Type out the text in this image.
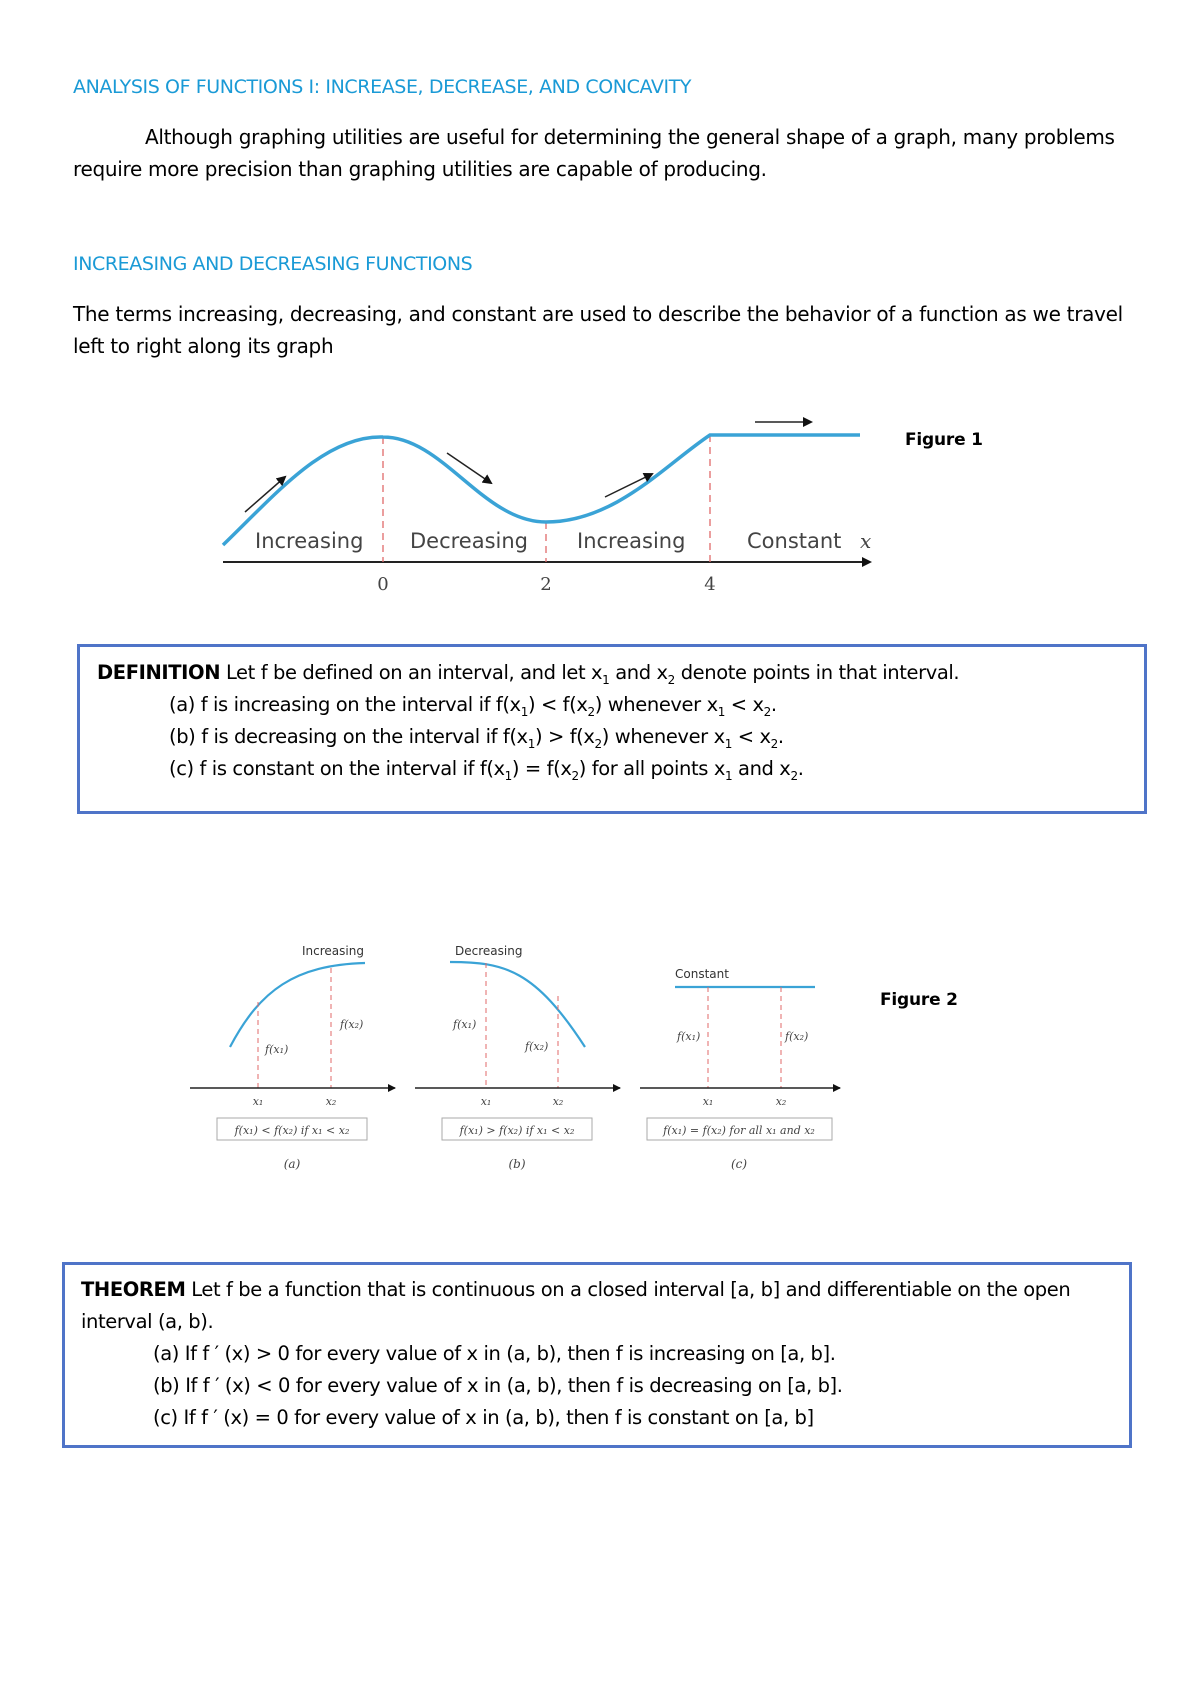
ANALYSIS OF FUNCTIONS I: INCREASE, DECREASE, AND CONCAVITY

Although graphing utilities are useful for determining the general shape of a graph, many problems require more precision than graphing utilities are capable of producing.

INCREASING AND DECREASING FUNCTIONS

The terms increasing, decreasing, and constant are used to describe the behavior of a function as we travel left to right along its graph

Increasing Decreasing Increasing	Constant x
0	2	4
Figure 1
DEFINITION Let f be defined on an interval, and let $x_1$ and $x_2$ denote points in that interval.
(a) f is increasing on the interval if $f(x_1) < f(x_2)$ whenever $x_1 < x_2$.
(b) f is decreasing on the interval if $f(x_1) > f(x_2)$ whenever $x_1 < x_2$.
(c) f is constant on the interval if $f(x_1) = f(x_2)$ for all points $x_1$ and $x_2$.
Increasing
f(x₁)
f(x₂)
x₁	x₂
f(x₁) < f(x₂) if x₁ < x₂
(a)
Decreasing
f(x₁)
f(x₂)
x₁	x₂
f(x₁) > f(x₂) if x₁ < x₂
(b)
Constant
f(x₁)	f(x₂)
x₁	x₂
f(x₁) = f(x₂) for all x₁ and x₂
(c)
Figure 2
THEOREM Let f be a function that is continuous on a closed interval [a, b] and differentiable on the open
interval (a, b).
(a) If f ′ (x) > 0 for every value of x in (a, b), then f is increasing on [a, b].
(b) If f ′ (x) < 0 for every value of x in (a, b), then f is decreasing on [a, b].
(c) If f ′ (x) = 0 for every value of x in (a, b), then f is constant on [a, b]
